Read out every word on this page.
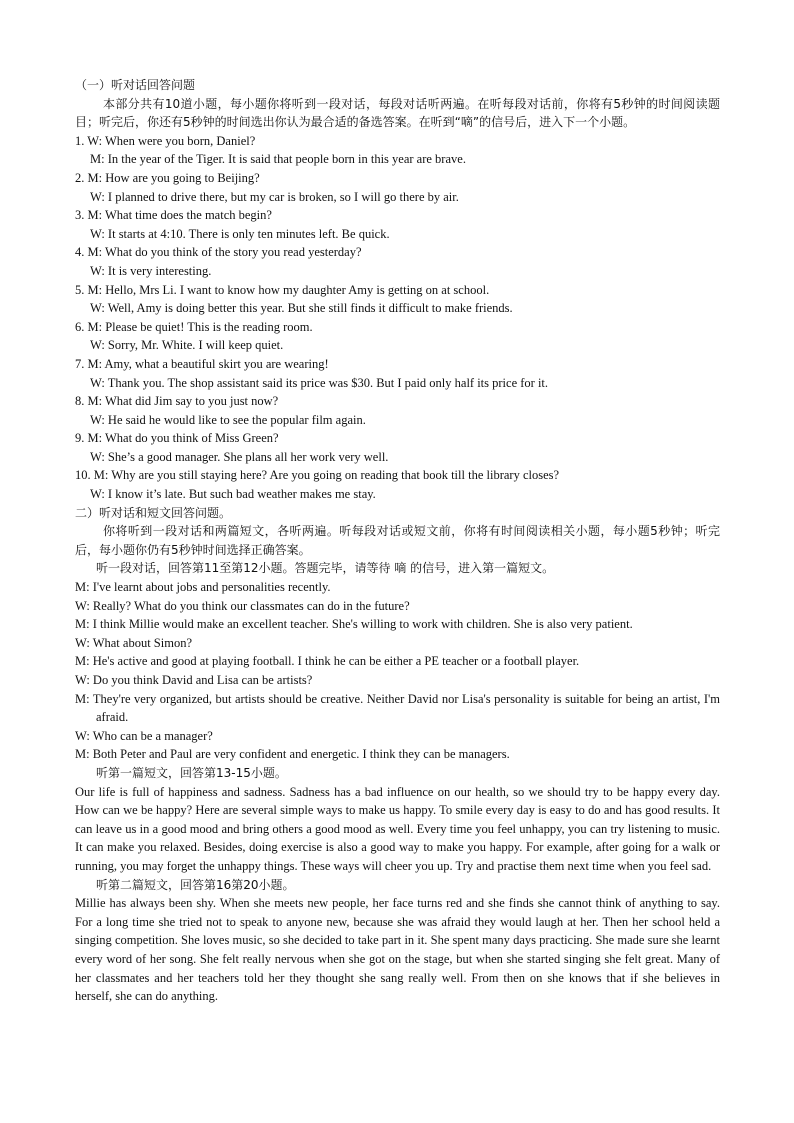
（一）听对话回答问题
本部分共有10道小题，每小题你将听到一段对话，每段对话听两遍。在听每段对话前，你将有5秒钟的时间阅读题目；听完后，你还有5秒钟的时间选出你认为最合适的备选答案。在听到“嘀”的信号后，进入下一个小题。
1. W: When were you born, Daniel?
M: In the year of the Tiger. It is said that people born in this year are brave.
2. M: How are you going to Beijing?
W: I planned to drive there, but my car is broken, so I will go there by air.
3. M: What time does the match begin?
W: It starts at 4:10. There is only ten minutes left. Be quick.
4. M: What do you think of the story you read yesterday?
W: It is very interesting.
5. M: Hello, Mrs Li. I want to know how my daughter Amy is getting on at school.
W: Well, Amy is doing better this year. But she still finds it difficult to make friends.
6. M: Please be quiet! This is the reading room.
W: Sorry, Mr. White. I will keep quiet.
7. M: Amy, what a beautiful skirt you are wearing!
W: Thank you. The shop assistant said its price was $30. But I paid only half its price for it.
8. M: What did Jim say to you just now?
W: He said he would like to see the popular film again.
9. M: What do you think of Miss Green?
W: She’s a good manager. She plans all her work very well.
10. M: Why are you still staying here? Are you going on reading that book till the library closes?
W: I know it’s late. But such bad weather makes me stay.
二）听对话和短文回答问题。
你将听到一段对话和两篇短文，各听两遍。听每段对话或短文前，你将有时间阅读相关小题，每小题5秒钟；听完后，每小题你仍有5秒钟时间选择正确答案。
听一段对话，回答第11至第12小题。答题完毕，请等待 嘀 的信号，进入第一篇短文。
M: I've learnt about jobs and personalities recently.
W: Really? What do you think our classmates can do in the future?
M: I think Millie would make an excellent teacher. She's willing to work with children. She is also very patient.
W: What about Simon?
M: He's active and good at playing football. I think he can be either a PE teacher or a football player.
W: Do you think David and Lisa can be artists?
M: They're very organized, but artists should be creative. Neither David nor Lisa's personality is suitable for being an artist, I'm afraid.
W: Who can be a manager?
M: Both Peter and Paul are very confident and energetic. I think they can be managers.
听第一篇短文，回答第13-15小题。
Our life is full of happiness and sadness. Sadness has a bad influence on our health, so we should try to be happy every day. How can we be happy? Here are several simple ways to make us happy. To smile every day is easy to do and has good results. It can leave us in a good mood and bring others a good mood as well. Every time you feel unhappy, you can try listening to music. It can make you relaxed. Besides, doing exercise is also a good way to make you happy. For example, after going for a walk or running, you may forget the unhappy things. These ways will cheer you up. Try and practise them next time when you feel sad.
听第二篇短文，回答第16第20小题。
Millie has always been shy. When she meets new people, her face turns red and she finds she cannot think of anything to say. For a long time she tried not to speak to anyone new, because she was afraid they would laugh at her. Then her school held a singing competition. She loves music, so she decided to take part in it. She spent many days practicing. She made sure she learnt every word of her song. She felt really nervous when she got on the stage, but when she started singing she felt great. Many of her classmates and her teachers told her they thought she sang really well. From then on she knows that if she believes in herself, she can do anything.
